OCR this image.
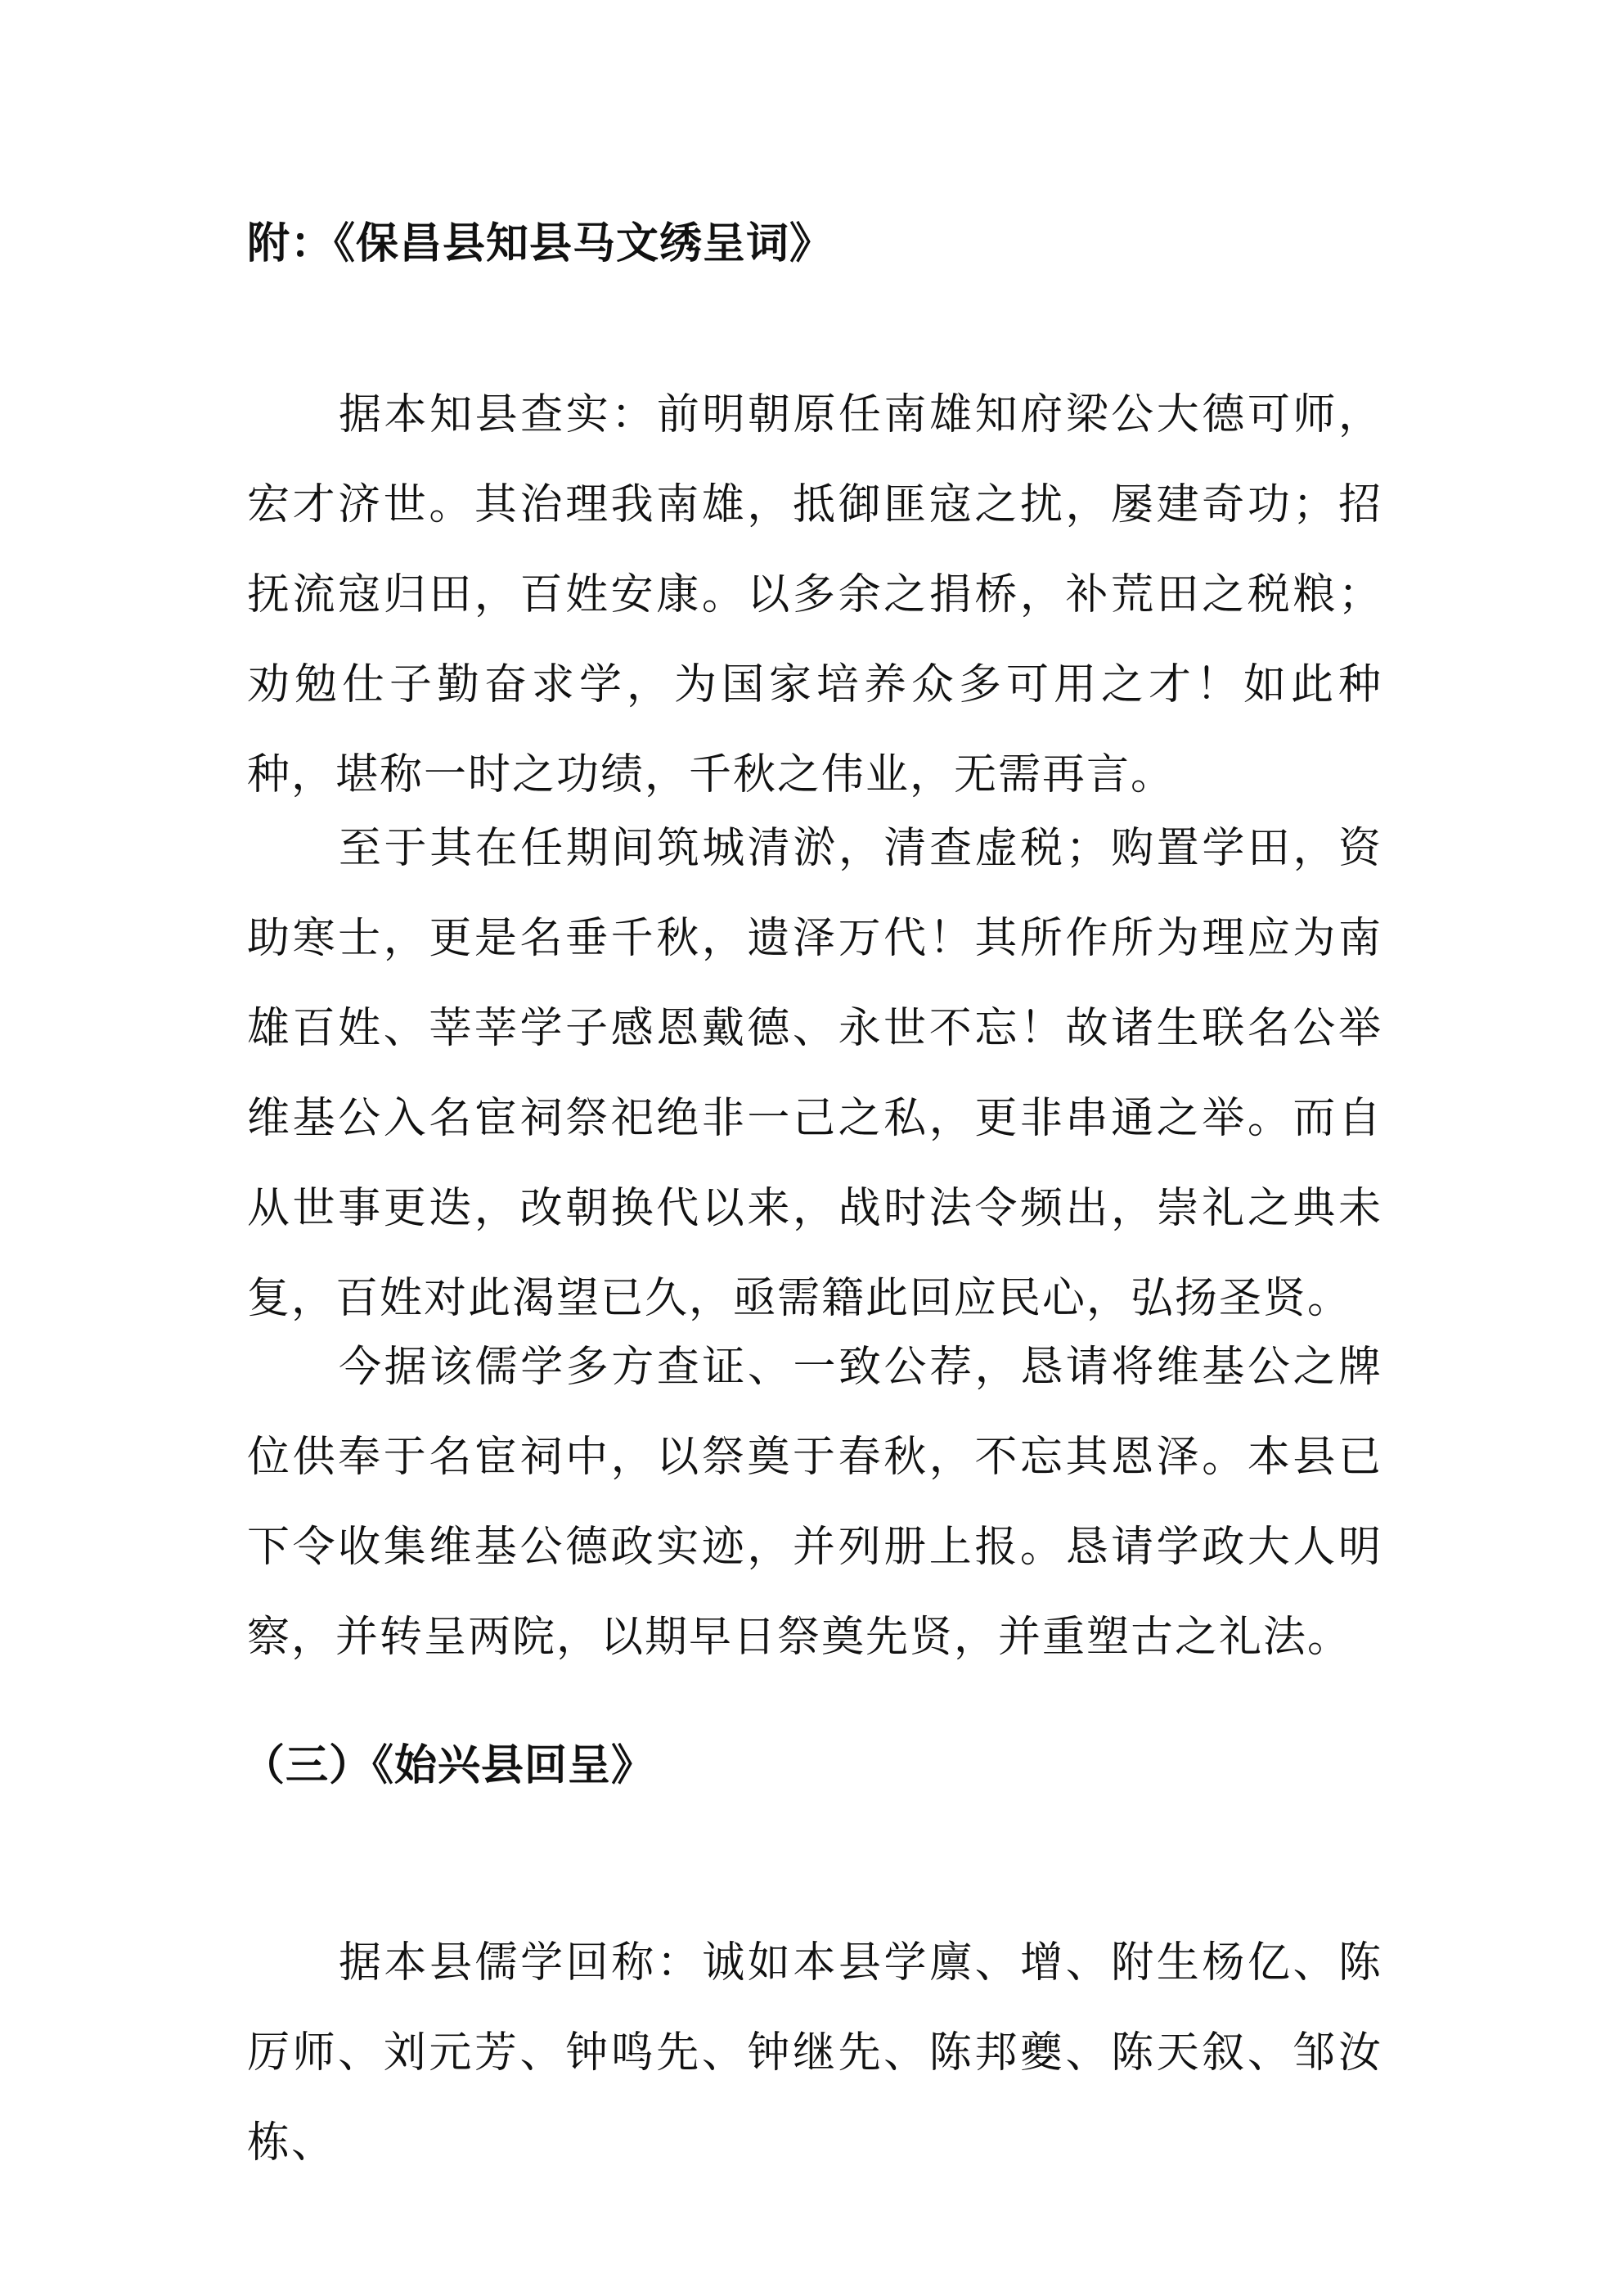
附：《保昌县知县马文绣呈词》

据本知县查实：前明朝原任南雄知府梁公大德可师，宏才济世。其治理我南雄，抵御匪寇之扰，屡建奇功；招抚流寇归田，百姓安康。以多余之捐桥，补荒田之税粮；劝勉仕子勤奋求学，为国家培养众多可用之才！如此种种，堪称一时之功绩，千秋之伟业，无需再言。

至于其在任期间筑城清淤，清查虚税；购置学田，资助寒士，更是名垂千秋，遗泽万代！其所作所为理应为南雄百姓、莘莘学子感恩戴德、永世不忘！故诸生联名公举维基公入名宦祠祭祀绝非一己之私，更非串通之举。而自从世事更迭，改朝换代以来，战时法令频出，崇礼之典未复，百姓对此渴望已久，亟需籍此回应民心，弘扬圣贤。

今据该儒学多方查证、一致公荐，恳请将维基公之牌位供奉于名宦祠中，以祭奠于春秋，不忘其恩泽。本县已下令收集维基公德政实迹，并列册上报。恳请学政大人明察，并转呈两院，以期早日祭奠先贤，并重塑古之礼法。

（三）《始兴县回呈》

据本县儒学回称：诚如本县学廪、增、附生杨亿、陈厉师、刘元芳、钟鸣先、钟继先、陈邦夔、陈天叙、邹汝栋、
